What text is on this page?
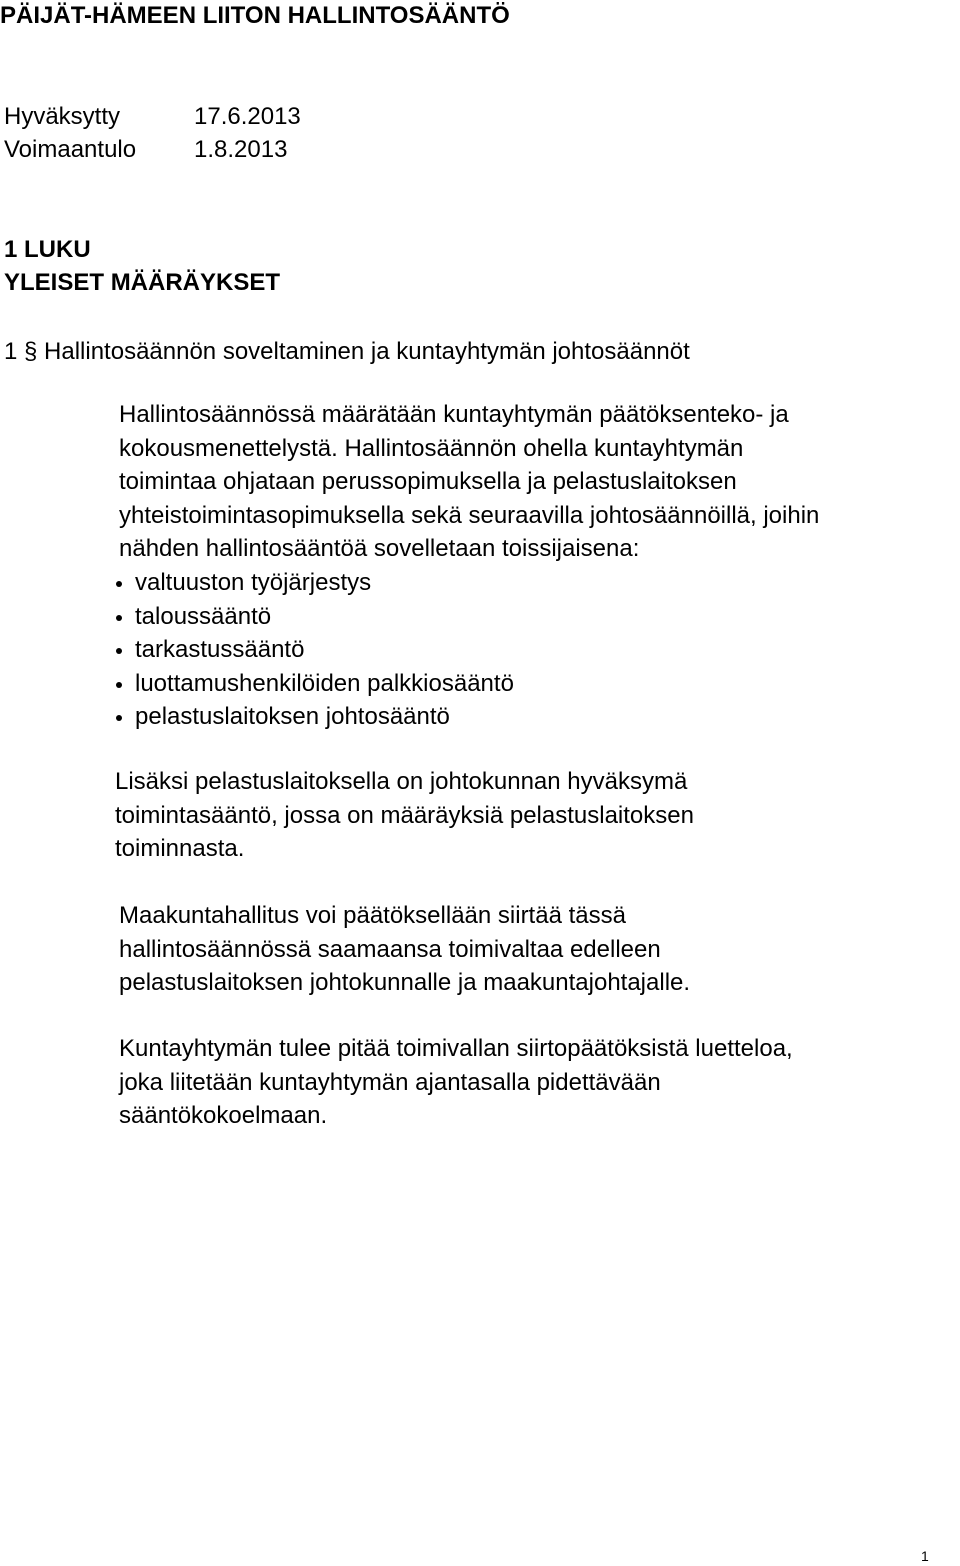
PÄIJÄT-HÄMEEN LIITON HALLINTOSÄÄNTÖ
Hyväksytty	17.6.2013
Voimaantulo 1.8.2013
1 LUKU
YLEISET MÄÄRÄYKSET
1 § Hallintosäännön soveltaminen ja kuntayhtymän johtosäännöt

Hallintosäännössä määrätään kuntayhtymän päätöksenteko- ja

kokousmenettelystä. Hallintosäännön ohella kuntayhtymän

toimintaa ohjataan perussopimuksella ja pelastuslaitoksen

yhteistoimintasopimuksella sekä seuraavilla johtosäännöillä, joihin

nähden hallintosääntöä sovelletaan toissijaisena:

valtuuston työjärjestys
taloussääntö
tarkastussääntö
luottamushenkilöiden palkkiosääntö
pelastuslaitoksen johtosääntö

Lisäksi pelastuslaitoksella on johtokunnan hyväksymä

toimintasääntö, jossa on määräyksiä pelastuslaitoksen

toiminnasta.

Maakuntahallitus voi päätöksellään siirtää tässä

hallintosäännössä saamaansa toimivaltaa edelleen

pelastuslaitoksen johtokunnalle ja maakuntajohtajalle.

Kuntayhtymän tulee pitää toimivallan siirtopäätöksistä luetteloa,

joka liitetään kuntayhtymän ajantasalla pidettävään

sääntökokoelmaan.

1
